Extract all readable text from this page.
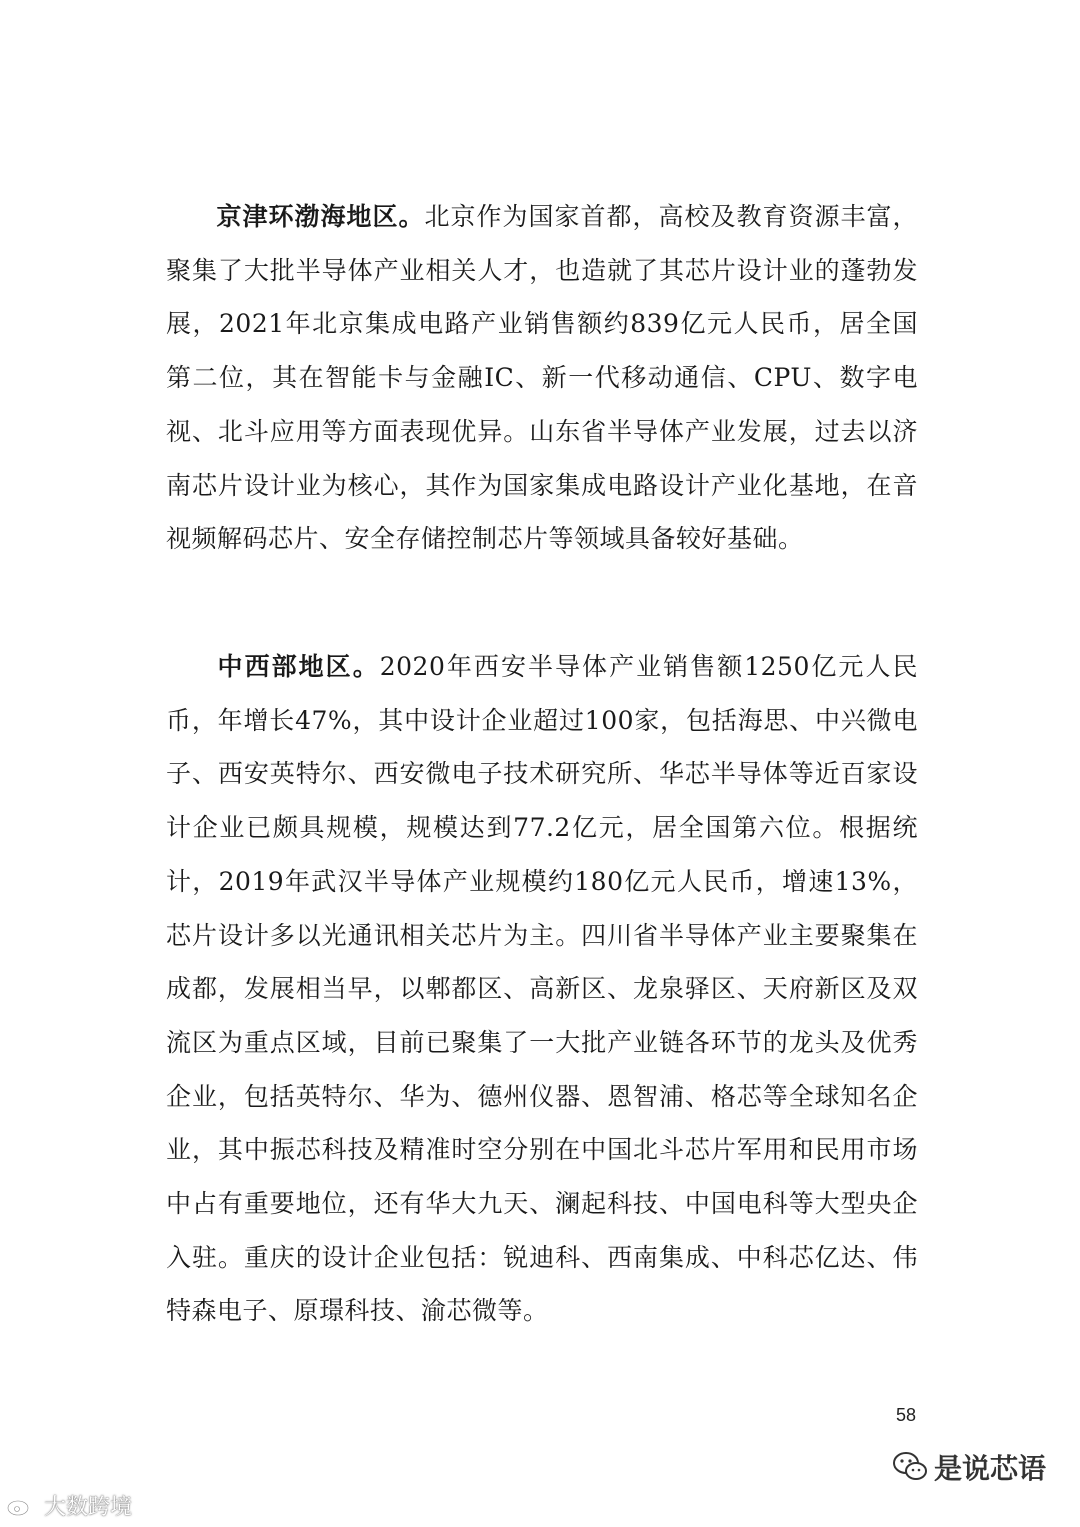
京津环渤海地区。北京作为国家首都，高校及教育资源丰富，聚集了大批半导体产业相关人才，也造就了其芯片设计业的蓬勃发展，2021年北京集成电路产业销售额约839亿元人民币，居全国第二位，其在智能卡与金融IC、新一代移动通信、CPU、数字电视、北斗应用等方面表现优异。山东省半导体产业发展，过去以济南芯片设计业为核心，其作为国家集成电路设计产业化基地，在音视频解码芯片、安全存储控制芯片等领域具备较好基础。

中西部地区。2020年西安半导体产业销售额1250亿元人民币，年增长47%，其中设计企业超过100家，包括海思、中兴微电子、西安英特尔、西安微电子技术研究所、华芯半导体等近百家设计企业已颇具规模，规模达到77.2亿元，居全国第六位。根据统计，2019年武汉半导体产业规模约180亿元人民币，增速13%，芯片设计多以光通讯相关芯片为主。四川省半导体产业主要聚集在成都，发展相当早，以郫都区、高新区、龙泉驿区、天府新区及双流区为重点区域，目前已聚集了一大批产业链各环节的龙头及优秀企业，包括英特尔、华为、德州仪器、恩智浦、格芯等全球知名企业，其中振芯科技及精准时空分别在中国北斗芯片军用和民用市场中占有重要地位，还有华大九天、澜起科技、中国电科等大型央企入驻。重庆的设计企业包括：锐迪科、西南集成、中科芯亿达、伟特森电子、原璟科技、渝芯微等。

58
大数跨境
是说芯语
